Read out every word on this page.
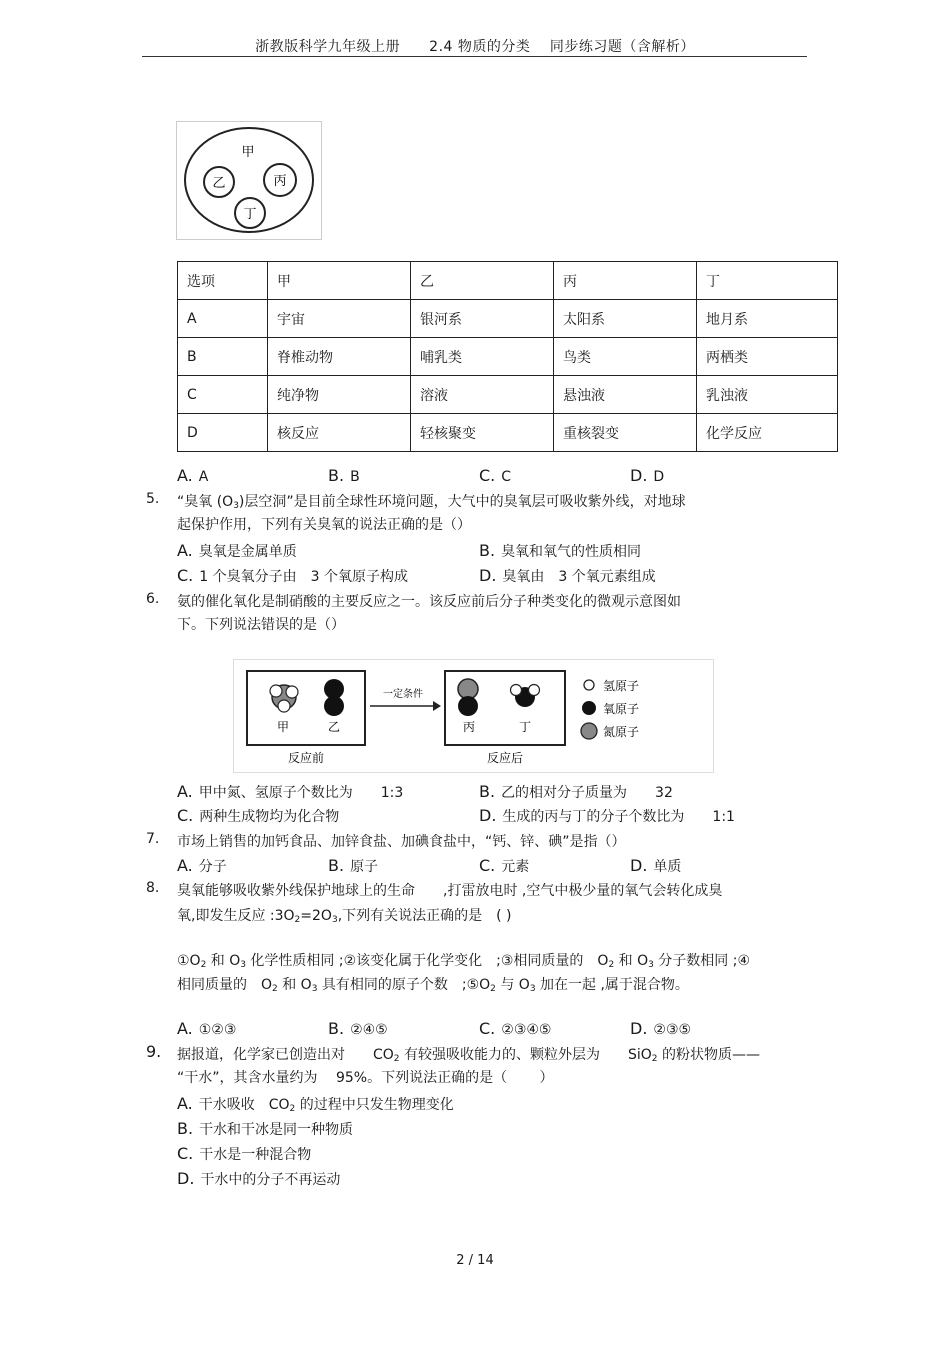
浙教版科学九年级上册　　2.4 物质的分类　 同步练习题（含解析）
甲
乙	丙
丁
选项	甲	乙	丙	丁
A	宇宙	银河系	太阳系	地月系
B	脊椎动物	哺乳类	鸟类	两栖类
C	纯净物	溶液	悬浊液	乳浊液
D	核反应	轻核聚变	重核裂变	化学反应
A. A	B. B	C. C	D. D
5. “臭氧 $(O_3)$层空洞”是目前全球性环境问题，大气中的臭氧层可吸收紫外线，对地球
起保护作用，下列有关臭氧的说法正确的是（）
A. 臭氧是金属单质	B. 臭氧和氧气的性质相同
C. 1 个臭氧分子由　3 个氧原子构成	D. 臭氧由　3 个氧元素组成
6. 氨的催化氧化是制硝酸的主要反应之一。该反应前后分子种类变化的微观示意图如
下。下列说法错误的是（）
甲	乙
反应前
一定条件
丙	丁
反应后
氢原子
氧原子
氮原子
A. 甲中氮、氢原子个数比为　　1:3	B. 乙的相对分子质量为　　32
C. 两种生成物均为化合物	D. 生成的丙与丁的分子个数比为　　1:1
7. 市场上销售的加钙食品、加锌食盐、加碘食盐中，“钙、锌、碘”是指（）
A. 分子	B. 原子	C. 元素	D. 单质
8. 臭氧能够吸收紫外线保护地球上的生命　　,打雷放电时 ,空气中极少量的氧气会转化成臭
氧,即发生反应 $:3O_2=2O_3$,下列有关说法正确的是　( )
$①O_2$ 和 $O_3$ 化学性质相同 ;②该变化属于化学变化　;③相同质量的　$O_2$ 和 $O_3$ 分子数相同 ;④
相同质量的　$O_2$ 和 $O_3$ 具有相同的原子个数　$;⑤O_2$ 与 $O_3$ 加在一起 ,属于混合物。
A. ①②③	B. ②④⑤	C. ②③④⑤	D. ②③⑤
9. 据报道，化学家已创造出对　　$CO_2$ 有较强吸收能力的、颗粒外层为　　SiO$_2$ 的粉状物质——
“干水”，其含水量约为　 95%。下列说法正确的是（　　 ）
A. 干水吸收　$CO_2$ 的过程中只发生物理变化
B. 干水和干冰是同一种物质
C. 干水是一种混合物
D. 干水中的分子不再运动
2 / 14
